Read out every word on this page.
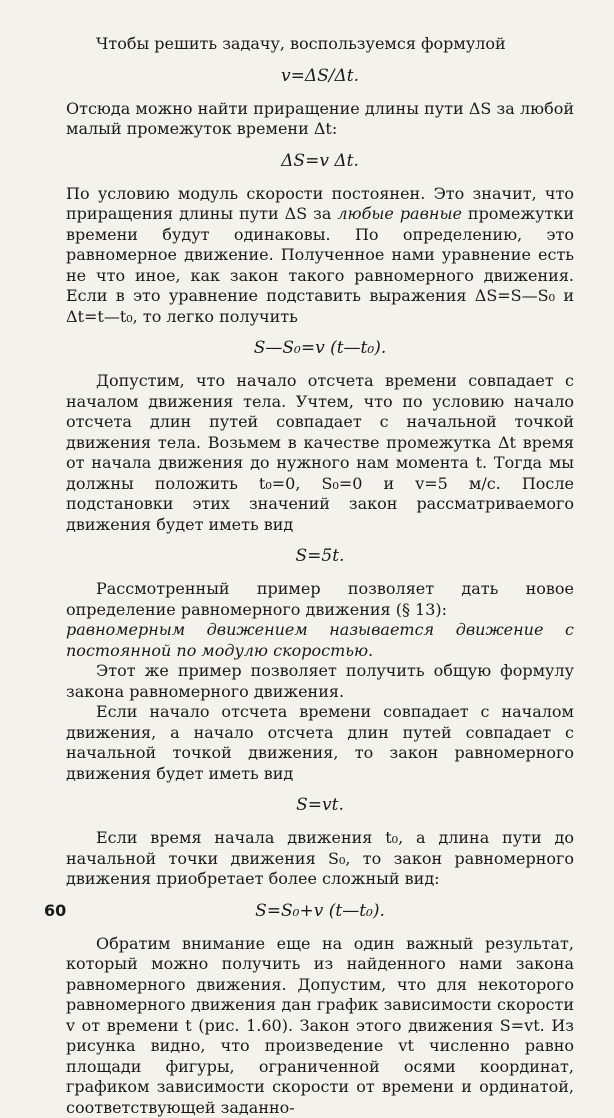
Чтобы решить задачу, воспользуемся формулой

v=ΔS/Δt.

Отсюда можно найти приращение длины пути ΔS за любой малый промежуток времени Δt:

ΔS=v Δt.

По условию модуль скорости постоянен. Это значит, что приращения длины пути ΔS за любые равные промежутки времени будут одинаковы. По определению, это равномерное движение. Полученное нами уравнение есть не что иное, как закон такого равномерного движения. Если в это уравнение подставить выражения ΔS=S—S₀ и Δt=t—t₀, то легко получить

S—S₀=v (t—t₀).

Допустим, что начало отсчета времени совпадает с началом движения тела. Учтем, что по условию начало отсчета длин путей совпадает с начальной точкой движения тела. Возьмем в качестве промежутка Δt время от начала движения до нужного нам момента t. Тогда мы должны положить t₀=0, S₀=0 и v=5 м/с. После подстановки этих значений закон рассматриваемого движения будет иметь вид

S=5t.

Рассмотренный пример позволяет дать новое определение равномерного движения (§ 13):

равномерным движением называется движение с постоянной по модулю скоростью.

Этот же пример позволяет получить общую формулу закона равномерного движения.

Если начало отсчета времени совпадает с началом движения, а начало отсчета длин путей совпадает с начальной точкой движения, то закон равномерного движения будет иметь вид

S=vt.

Если время начала движения t₀, а длина пути до начальной точки движения S₀, то закон равномерного движения приобретает более сложный вид:

S=S₀+v (t—t₀).

Обратим внимание еще на один важный результат, который можно получить из найденного нами закона равномерного движения. Допустим, что для некоторого равномерного движения дан график зависимости скорости v от времени t (рис. 1.60). Закон этого движения S=vt. Из рисунка видно, что произведение vt численно равно площади фигуры, ограниченной осями координат, графиком зависимости скорости от времени и ординатой, соответствующей заданно-

60
